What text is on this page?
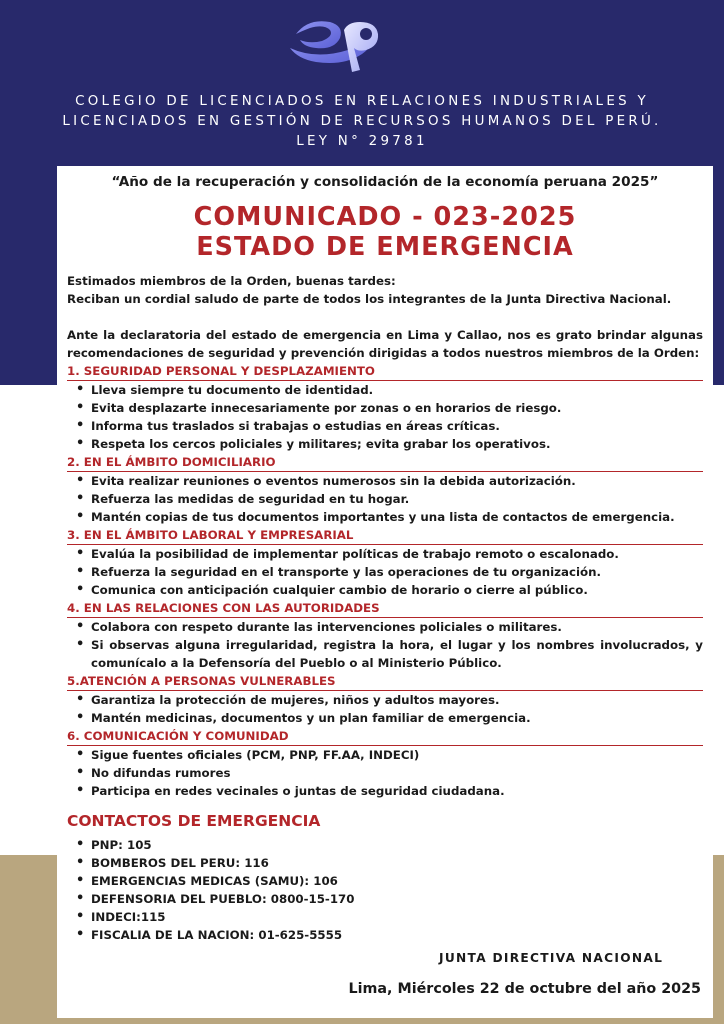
COLEGIO DE LICENCIADOS EN RELACIONES INDUSTRIALES Y
LICENCIADOS EN GESTIÓN DE RECURSOS HUMANOS DEL PERÚ.
LEY N° 29781
“Año de la recuperación y consolidación de la economía peruana 2025”
COMUNICADO - 023-2025
ESTADO DE EMERGENCIA

Estimados miembros de la Orden, buenas tardes:

Reciban un cordial saludo de parte de todos los integrantes de la Junta Directiva Nacional.

Ante la declaratoria del estado de emergencia en Lima y Callao, nos es grato brindar algunas recomendaciones de seguridad y prevención dirigidas a todos nuestros miembros de la Orden:

1. SEGURIDAD PERSONAL Y DESPLAZAMIENTO
• Lleva siempre tu documento de identidad.
• Evita desplazarte innecesariamente por zonas o en horarios de riesgo.
• Informa tus traslados si trabajas o estudias en áreas críticas.
• Respeta los cercos policiales y militares; evita grabar los operativos.
2. EN EL ÁMBITO DOMICILIARIO
• Evita realizar reuniones o eventos numerosos sin la debida autorización.
• Refuerza las medidas de seguridad en tu hogar.
• Mantén copias de tus documentos importantes y una lista de contactos de emergencia.
3. EN EL ÁMBITO LABORAL Y EMPRESARIAL
• Evalúa la posibilidad de implementar políticas de trabajo remoto o escalonado.
• Refuerza la seguridad en el transporte y las operaciones de tu organización.
• Comunica con anticipación cualquier cambio de horario o cierre al público.
4. EN LAS RELACIONES CON LAS AUTORIDADES
• Colabora con respeto durante las intervenciones policiales o militares.
• Si observas alguna irregularidad, registra la hora, el lugar y los nombres involucrados, y comunícalo a la Defensoría del Pueblo o al Ministerio Público.
5.ATENCIÓN A PERSONAS VULNERABLES
• Garantiza la protección de mujeres, niños y adultos mayores.
• Mantén medicinas, documentos y un plan familiar de emergencia.
6. COMUNICACIÓN Y COMUNIDAD
• Sigue fuentes oficiales (PCM, PNP, FF.AA, INDECI)
• No difundas rumores
• Participa en redes vecinales o juntas de seguridad ciudadana.
CONTACTOS DE EMERGENCIA
• PNP: 105
• BOMBEROS DEL PERU: 116
• EMERGENCIAS MEDICAS (SAMU): 106
• DEFENSORIA DEL PUEBLO: 0800-15-170
• INDECI:115
• FISCALIA DE LA NACION: 01-625-5555
JUNTA DIRECTIVA NACIONAL
Lima, Miércoles 22 de octubre del año 2025
